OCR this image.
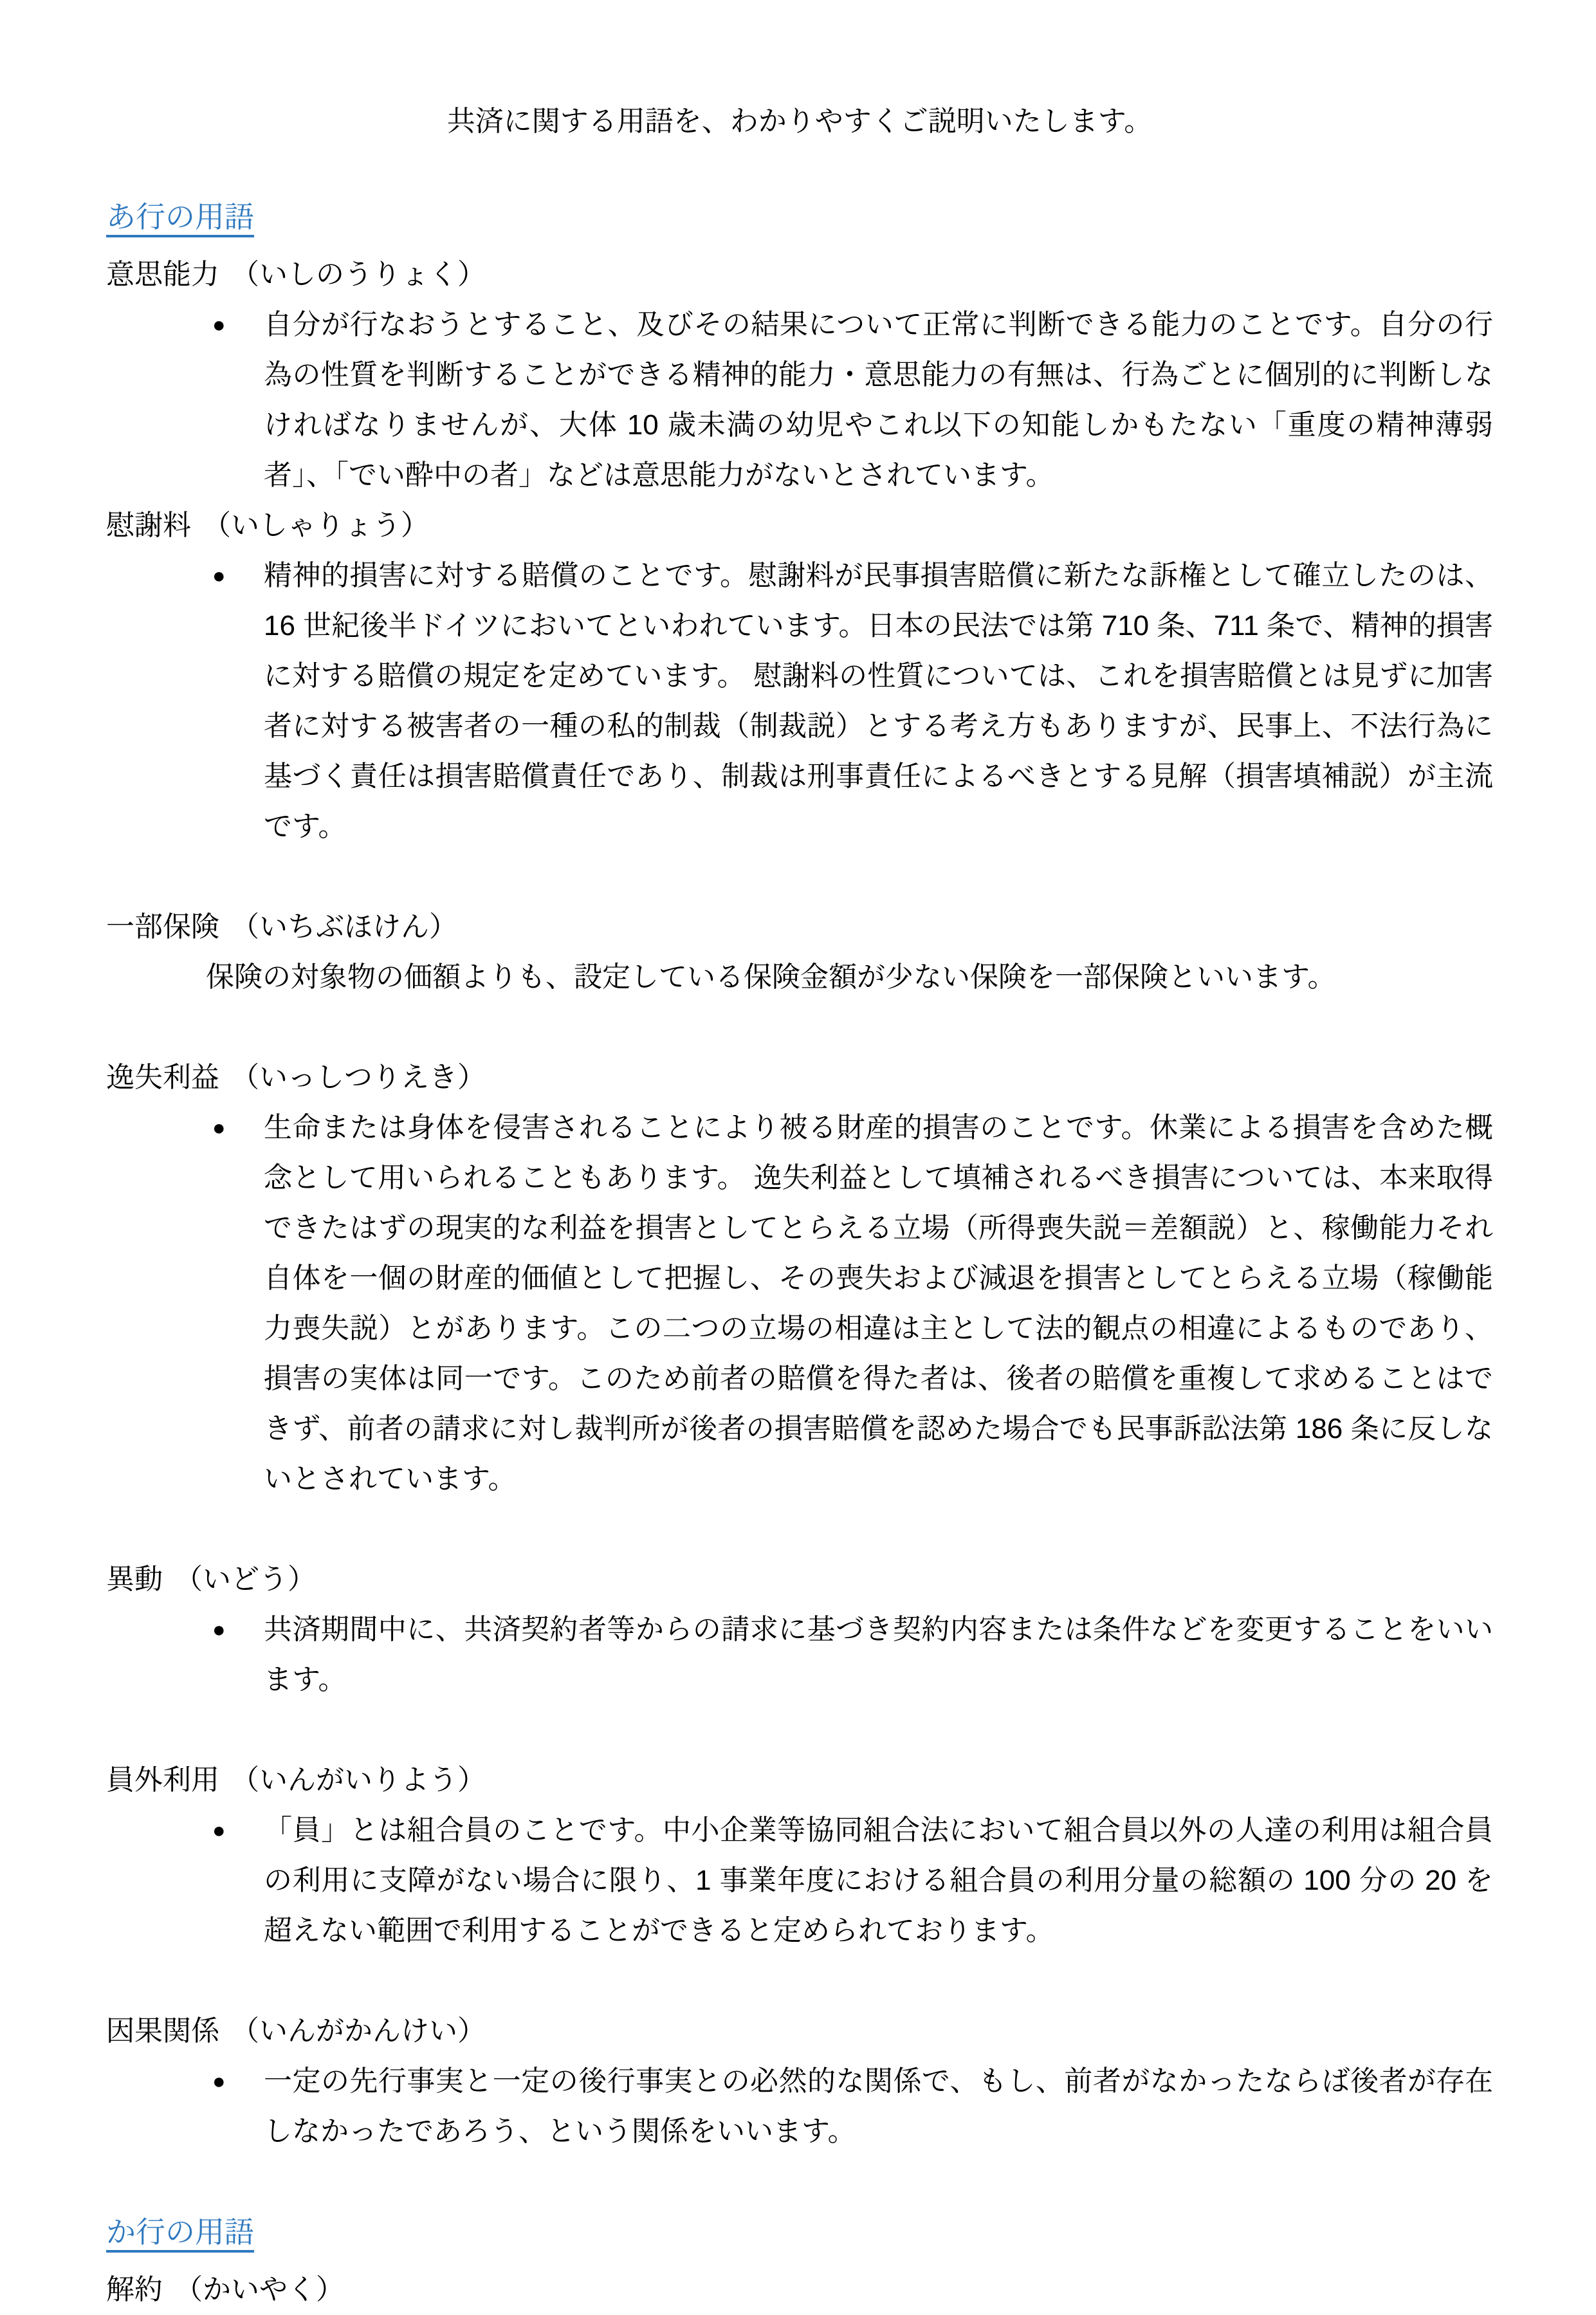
共済に関する用語を、わかりやすくご説明いたします。
あ行の用語
意思能力 （いしのうりょく）
●	自分が行なおうとすること、及びその結果について正常に判断できる能力のことです。自分の行為の性質を判断することができる精神的能力・意思能力の有無は、行為ごとに個別的に判断しなければなりませんが、大体 10 歳未満の幼児やこれ以下の知能しかもたない「重度の精神薄弱者」、「でい酔中の者」などは意思能力がないとされています。
慰謝料 （いしゃりょう）
●	精神的損害に対する賠償のことです。慰謝料が民事損害賠償に新たな訴権として確立したのは、16 世紀後半ドイツにおいてといわれています。日本の民法では第 710 条、711 条で、精神的損害に対する賠償の規定を定めています。 慰謝料の性質については、これを損害賠償とは見ずに加害者に対する被害者の一種の私的制裁（制裁説）とする考え方もありますが、民事上、不法行為に基づく責任は損害賠償責任であり、制裁は刑事責任によるべきとする見解（損害填補説）が主流です。
一部保険 （いちぶほけん）
保険の対象物の価額よりも、設定している保険金額が少ない保険を一部保険といいます。
逸失利益 （いっしつりえき）
●	生命または身体を侵害されることにより被る財産的損害のことです。休業による損害を含めた概念として用いられることもあります。 逸失利益として填補されるべき損害については、本来取得できたはずの現実的な利益を損害としてとらえる立場（所得喪失説＝差額説）と、稼働能力それ自体を一個の財産的価値として把握し、その喪失および減退を損害としてとらえる立場（稼働能力喪失説）とがあります。この二つの立場の相違は主として法的観点の相違によるものであり、損害の実体は同一です。このため前者の賠償を得た者は、後者の賠償を重複して求めることはできず、前者の請求に対し裁判所が後者の損害賠償を認めた場合でも民事訴訟法第 186 条に反しないとされています。
異動 （いどう）
●	共済期間中に、共済契約者等からの請求に基づき契約内容または条件などを変更することをいいます。
員外利用 （いんがいりよう）
●	「員」とは組合員のことです。中小企業等協同組合法において組合員以外の人達の利用は組合員の利用に支障がない場合に限り、1 事業年度における組合員の利用分量の総額の 100 分の 20 を超えない範囲で利用することができると定められております。
因果関係 （いんがかんけい）
●	一定の先行事実と一定の後行事実との必然的な関係で、もし、前者がなかったならば後者が存在しなかったであろう、という関係をいいます。
か行の用語
解約 （かいやく）
